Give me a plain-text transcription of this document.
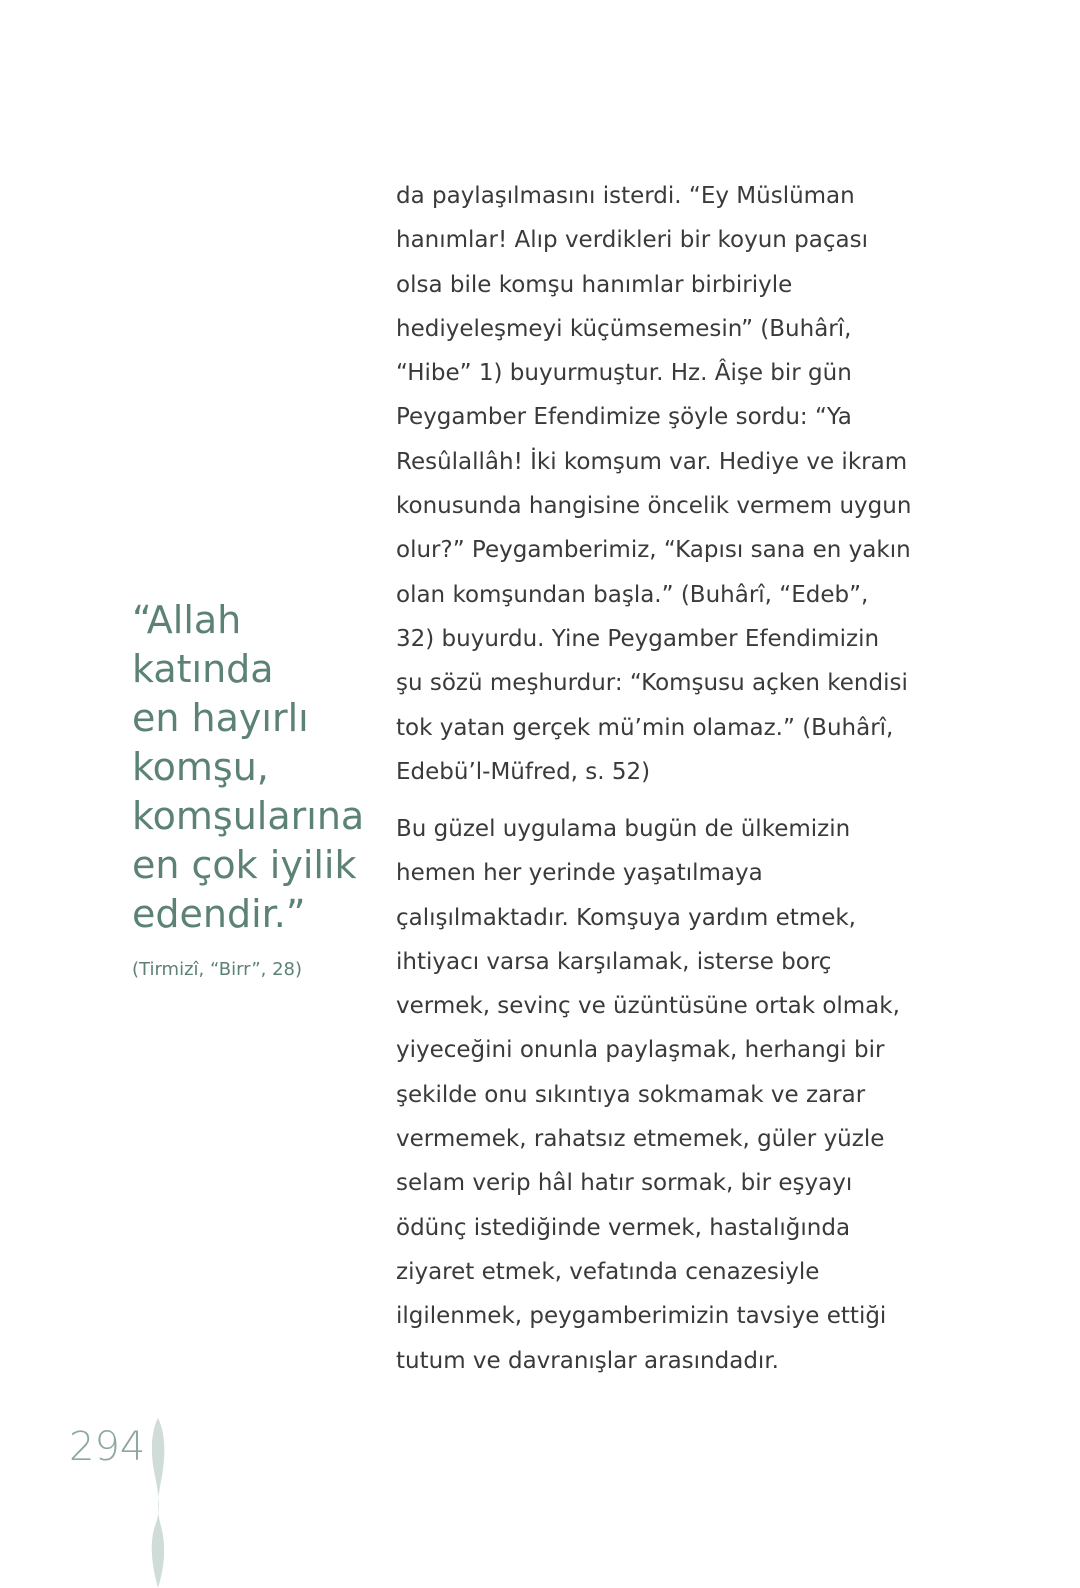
“Allah
katında
en hayırlı
komşu,
komşularına
en çok iyilik
edendir.”
(Tirmizî, “Birr”, 28)
da paylaşılmasını isterdi. “Ey Müslüman
hanımlar! Alıp verdikleri bir koyun paçası
olsa bile komşu hanımlar birbiriyle
hediyeleşmeyi küçümsemesin” (Buhârî,
“Hibe” 1) buyurmuştur. Hz. Âişe bir gün
Peygamber Efendimize şöyle sordu: “Ya
Resûlallâh! İki komşum var. Hediye ve ikram
konusunda hangisine öncelik vermem uygun
olur?” Peygamberimiz, “Kapısı sana en yakın
olan komşundan başla.” (Buhârî, “Edeb”,
32) buyurdu. Yine Peygamber Efendimizin
şu sözü meşhurdur: “Komşusu açken kendisi
tok yatan gerçek mü’min olamaz.” (Buhârî,
Edebü’l-Müfred, s. 52)
Bu güzel uygulama bugün de ülkemizin
hemen her yerinde yaşatılmaya
çalışılmaktadır. Komşuya yardım etmek,
ihtiyacı varsa karşılamak, isterse borç
vermek, sevinç ve üzüntüsüne ortak olmak,
yiyeceğini onunla paylaşmak, herhangi bir
şekilde onu sıkıntıya sokmamak ve zarar
vermemek, rahatsız etmemek, güler yüzle
selam verip hâl hatır sormak, bir eşyayı
ödünç istediğinde vermek, hastalığında
ziyaret etmek, vefatında cenazesiyle
ilgilenmek, peygamberimizin tavsiye ettiği
tutum ve davranışlar arasındadır.
294
